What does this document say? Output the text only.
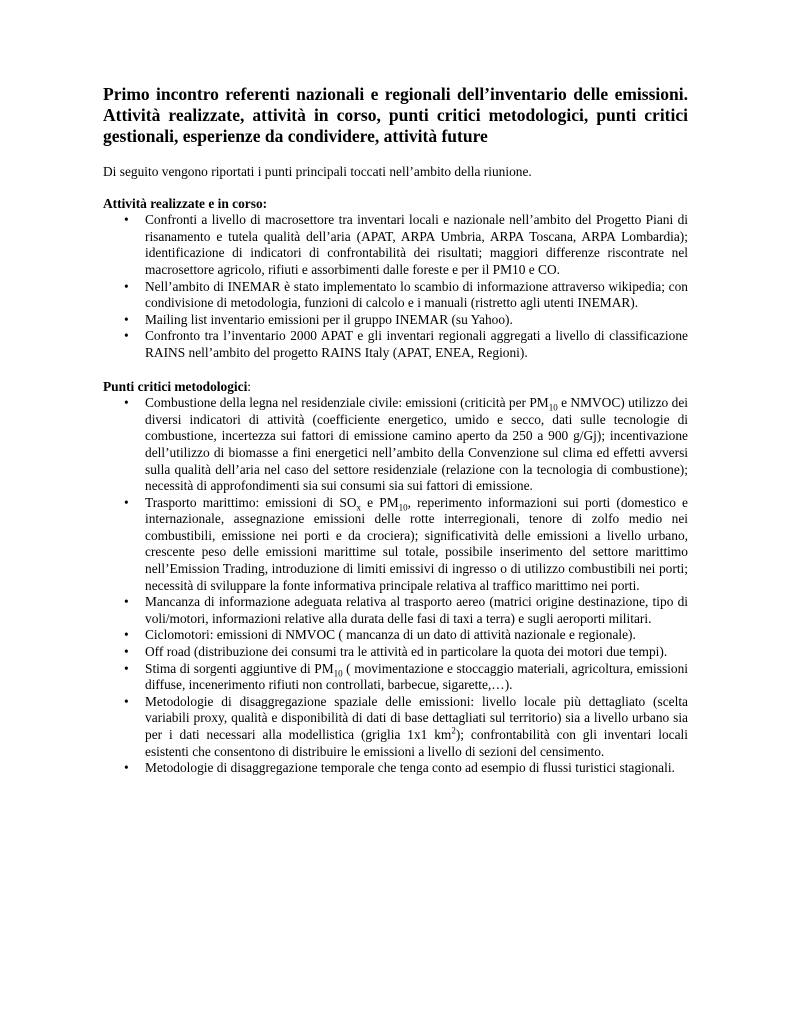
Primo incontro referenti nazionali e regionali dell’inventario delle emissioni. Attività realizzate, attività in corso, punti critici metodologici, punti critici gestionali, esperienze da condividere, attività future

Di seguito vengono riportati i punti principali toccati nell’ambito della riunione.

Attività realizzate e in corso:

• Confronti a livello di macrosettore tra inventari locali e nazionale nell’ambito del Progetto Piani di risanamento e tutela qualità dell’aria (APAT, ARPA Umbria, ARPA Toscana, ARPA Lombardia); identificazione di indicatori di confrontabilità dei risultati; maggiori differenze riscontrate nel macrosettore agricolo, rifiuti e assorbimenti dalle foreste e per il PM10 e CO.
• Nell’ambito di INEMAR è stato implementato lo scambio di informazione attraverso wikipedia; con condivisione di metodologia, funzioni di calcolo e i manuali (ristretto agli utenti INEMAR).
• Mailing list inventario emissioni per il gruppo INEMAR (su Yahoo).
• Confronto tra l’inventario 2000 APAT e gli inventari regionali aggregati a livello di classificazione RAINS nell’ambito del progetto RAINS Italy (APAT, ENEA, Regioni).

Punti critici metodologici:

• Combustione della legna nel residenziale civile: emissioni (criticità per $PM_{10}$ e NMVOC) utilizzo dei diversi indicatori di attività (coefficiente energetico, umido e secco, dati sulle tecnologie di combustione, incertezza sui fattori di emissione camino aperto da 250 a 900 g/Gj); incentivazione dell’utilizzo di biomasse a fini energetici nell’ambito della Convenzione sul clima ed effetti avversi sulla qualità dell’aria nel caso del settore residenziale (relazione con la tecnologia di combustione); necessità di approfondimenti sia sui consumi sia sui fattori di emissione.
• Trasporto marittimo: emissioni di $SO_x$ e $PM_{10}$, reperimento informazioni sui porti (domestico e internazionale, assegnazione emissioni delle rotte interregionali, tenore di zolfo medio nei combustibili, emissione nei porti e da crociera); significatività delle emissioni a livello urbano, crescente peso delle emissioni marittime sul totale, possibile inserimento del settore marittimo nell’Emission Trading, introduzione di limiti emissivi di ingresso o di utilizzo combustibili nei porti; necessità di sviluppare la fonte informativa principale relativa al traffico marittimo nei porti.
• Mancanza di informazione adeguata relativa al trasporto aereo (matrici origine destinazione, tipo di voli/motori, informazioni relative alla durata delle fasi di taxi a terra) e sugli aeroporti militari.
• Ciclomotori: emissioni di NMVOC ( mancanza di un dato di attività nazionale e regionale).
• Off road (distribuzione dei consumi tra le attività ed in particolare la quota dei motori due tempi).
• Stima di sorgenti aggiuntive di $PM_{10}$ ( movimentazione e stoccaggio materiali, agricoltura, emissioni diffuse, incenerimento rifiuti non controllati, barbecue, sigarette,…).
• Metodologie di disaggregazione spaziale delle emissioni: livello locale più dettagliato (scelta variabili proxy, qualità e disponibilità di dati di base dettagliati sul territorio) sia a livello urbano sia per i dati necessari alla modellistica (griglia 1x1 $km^2$); confrontabilità con gli inventari locali esistenti che consentono di distribuire le emissioni a livello di sezioni del censimento.
• Metodologie di disaggregazione temporale che tenga conto ad esempio di flussi turistici stagionali.
